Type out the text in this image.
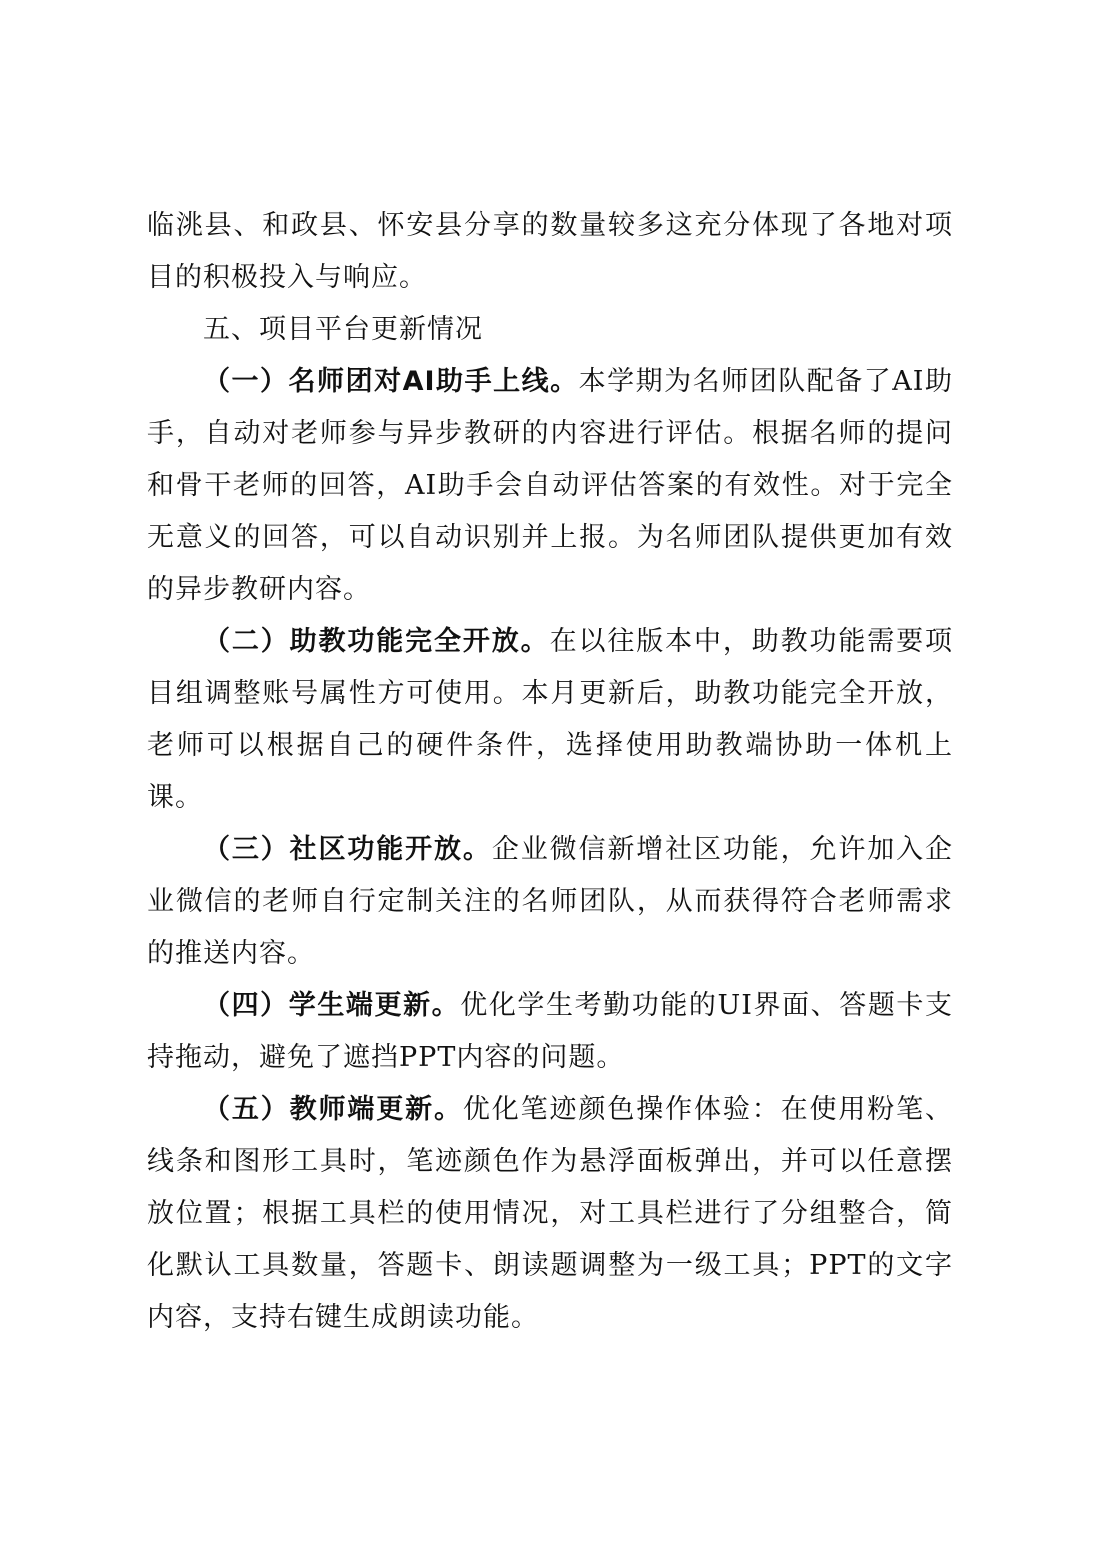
临洮县、和政县、怀安县分享的数量较多这充分体现了各地对项目的积极投入与响应。

五、项目平台更新情况

（一）名师团对AI助手上线。本学期为名师团队配备了AI助手，自动对老师参与异步教研的内容进行评估。根据名师的提问和骨干老师的回答，AI助手会自动评估答案的有效性。对于完全无意义的回答，可以自动识别并上报。为名师团队提供更加有效的异步教研内容。

（二）助教功能完全开放。在以往版本中，助教功能需要项目组调整账号属性方可使用。本月更新后，助教功能完全开放，老师可以根据自己的硬件条件，选择使用助教端协助一体机上课。

（三）社区功能开放。企业微信新增社区功能，允许加入企业微信的老师自行定制关注的名师团队，从而获得符合老师需求的推送内容。

（四）学生端更新。优化学生考勤功能的UI界面、答题卡支持拖动，避免了遮挡PPT内容的问题。

（五）教师端更新。优化笔迹颜色操作体验：在使用粉笔、线条和图形工具时，笔迹颜色作为悬浮面板弹出，并可以任意摆放位置；根据工具栏的使用情况，对工具栏进行了分组整合，简化默认工具数量，答题卡、朗读题调整为一级工具；PPT的文字内容，支持右键生成朗读功能。
